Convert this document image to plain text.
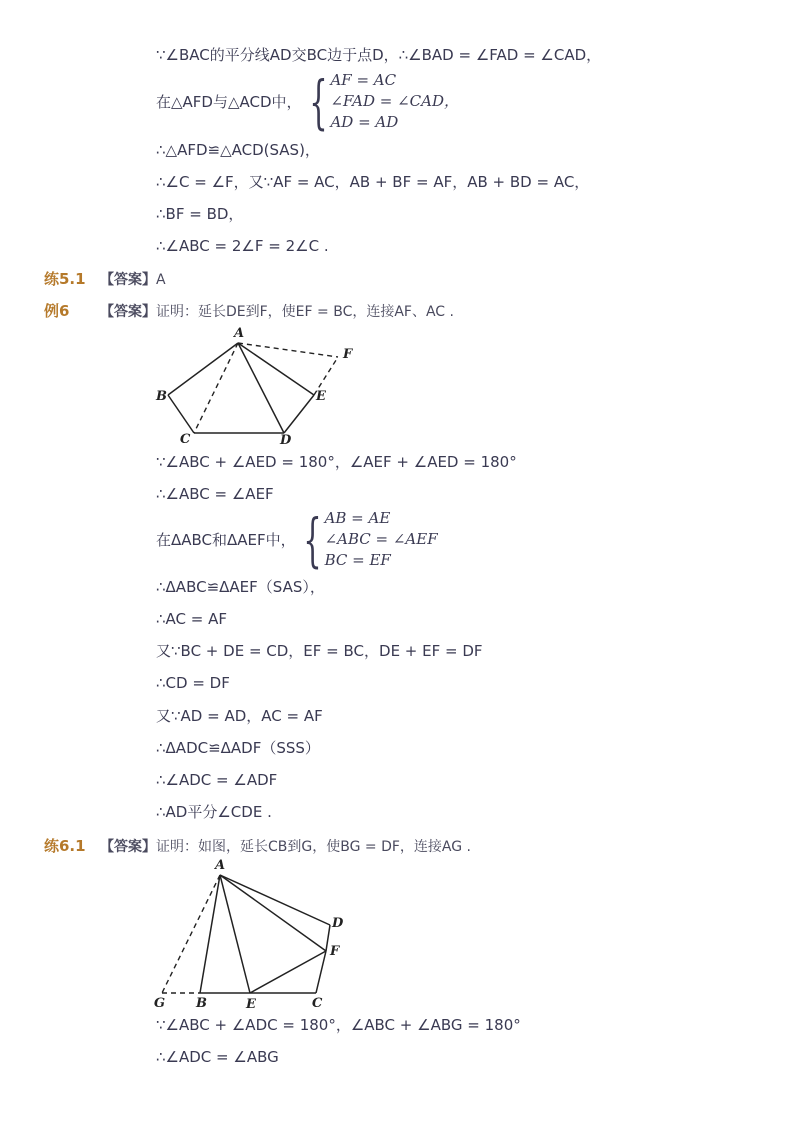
∵∠BAC的平分线AD交BC边于点D，∴∠BAD = ∠FAD = ∠CAD，
在△AFD与△ACD中， { AF = AC
∠FAD = ∠CAD，
AD = AD
∴△AFD≌△ACD(SAS)，
∴∠C = ∠F，又∵AF = AC，AB + BF = AF，AB + BD = AC，
∴BF = BD，
∴∠ABC = 2∠F = 2∠C .
练5.1 【答案】A
例6 【答案】证明：延长DE到F，使EF = BC，连接AF、AC .
A
B
C	D
E
F
∵∠ABC + ∠AED = 180°，∠AEF + ∠AED = 180°
∴∠ABC = ∠AEF
在ΔABC和ΔAEF中， { AB = AE
∠ABC = ∠AEF
BC = EF
∴ΔABC≌ΔAEF（SAS），
∴AC = AF
又∵BC + DE = CD，EF = BC，DE + EF = DF
∴CD = DF
又∵AD = AD，AC = AF
∴ΔADC≌ΔADF（SSS）
∴∠ADC = ∠ADF
∴AD平分∠CDE .
练6.1 【答案】证明：如图，延长CB到G，使BG = DF，连接AG .
A
B	C
D
E
F
G
∵∠ABC + ∠ADC = 180°，∠ABC + ∠ABG = 180°
∴∠ADC = ∠ABG
